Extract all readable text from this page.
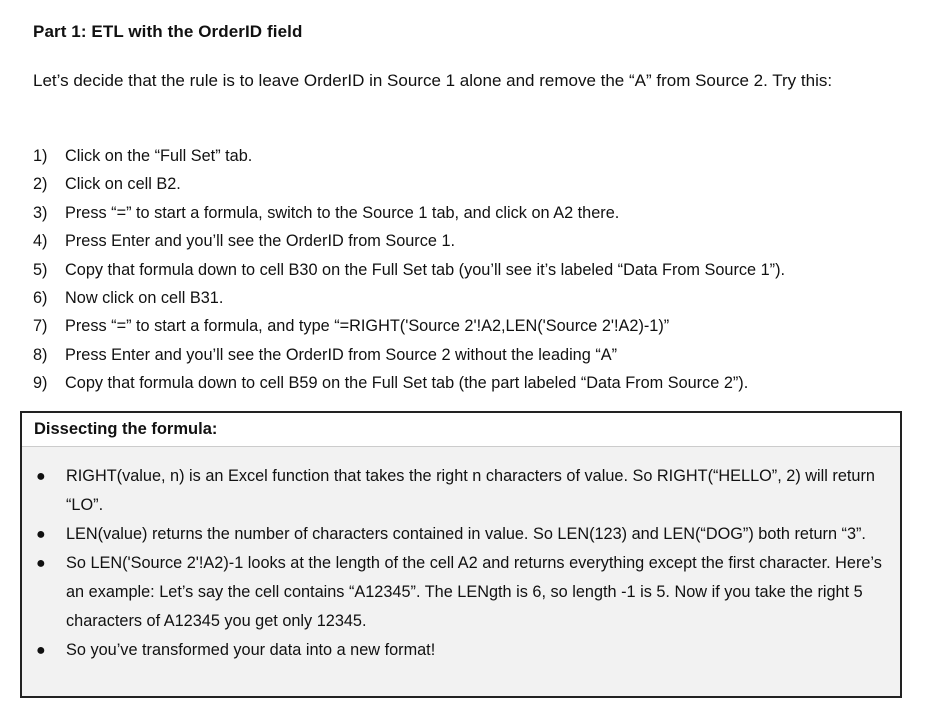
Part 1: ETL with the OrderID field
Let’s decide that the rule is to leave OrderID in Source 1 alone and remove the “A” from Source 2. Try this:
1)	Click on the “Full Set” tab.
2)	Click on cell B2.
3)	Press “=” to start a formula, switch to the Source 1 tab, and click on A2 there.
4)	Press Enter and you’ll see the OrderID from Source 1.
5)	Copy that formula down to cell B30 on the Full Set tab (you’ll see it’s labeled “Data From Source 1”).
6)	Now click on cell B31.
7)	Press “=” to start a formula, and type “=RIGHT('Source 2'!A2,LEN('Source 2'!A2)-1)”
8)	Press Enter and you’ll see the OrderID from Source 2 without the leading “A”
9)	Copy that formula down to cell B59 on the Full Set tab (the part labeled “Data From Source 2”).
Dissecting the formula:
● RIGHT(value, n) is an Excel function that takes the right n characters of value. So RIGHT(“HELLO”, 2) will return “LO”.
● LEN(value) returns the number of characters contained in value. So LEN(123) and LEN(“DOG”) both return “3”.
● So LEN('Source 2'!A2)-1 looks at the length of the cell A2 and returns everything except the first character. Here’s an example: Let’s say the cell contains “A12345”. The LENgth is 6, so length -1 is 5. Now if you take the right 5 characters of A12345 you get only 12345.
● So you’ve transformed your data into a new format!
